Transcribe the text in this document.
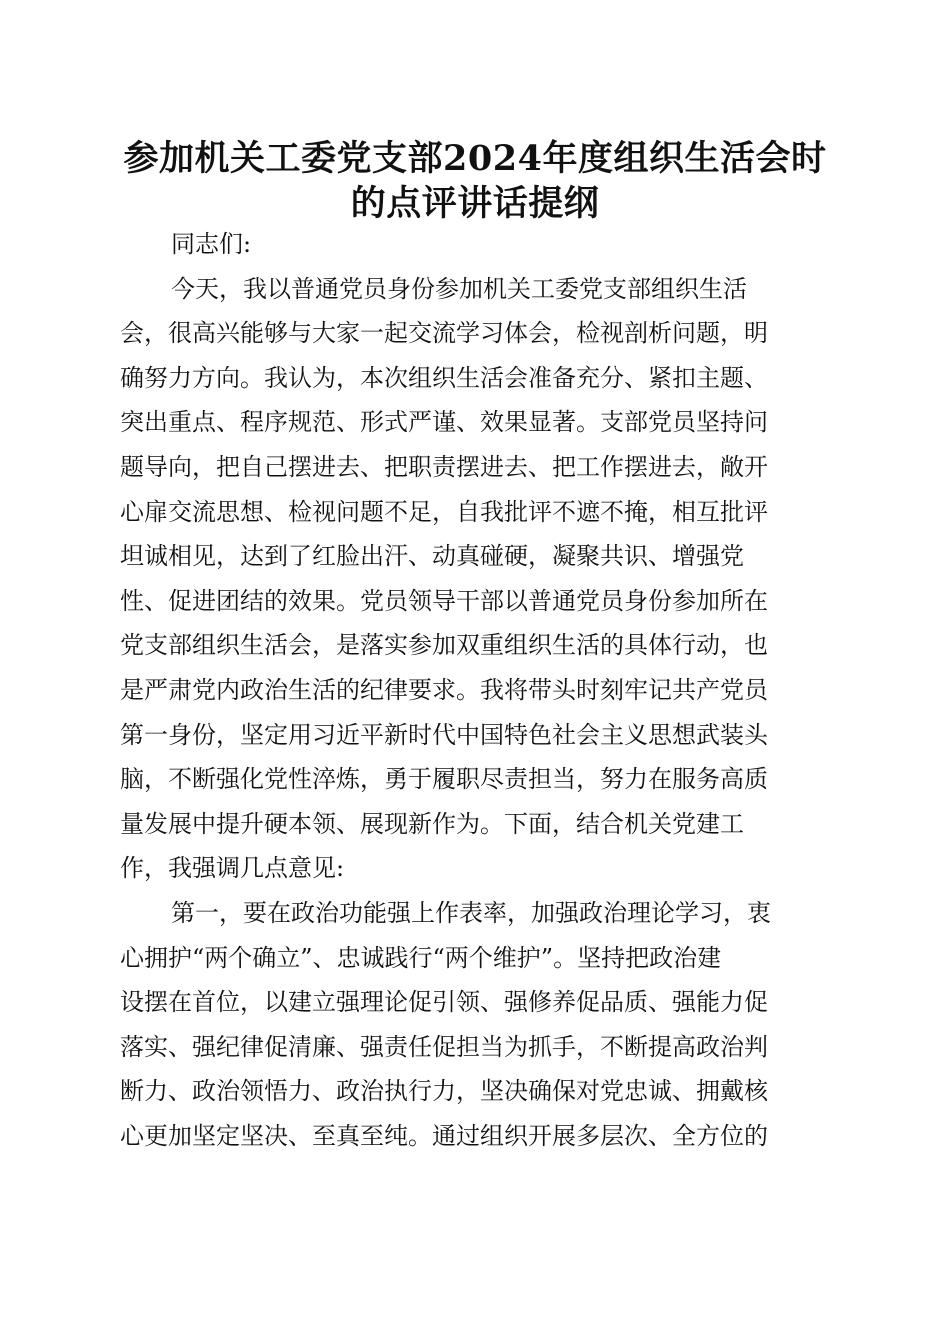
参加机关工委党支部2024年度组织生活会时
的点评讲话提纲
同志们:
今天，我以普通党员身份参加机关工委党支部组织生活
会，很高兴能够与大家一起交流学习体会，检视剖析问题，明
确努力方向。我认为，本次组织生活会准备充分、紧扣主题、
突出重点、程序规范、形式严谨、效果显著。支部党员坚持问
题导向，把自己摆进去、把职责摆进去、把工作摆进去，敞开
心扉交流思想、检视问题不足，自我批评不遮不掩，相互批评
坦诚相见，达到了红脸出汗、动真碰硬，凝聚共识、增强党
性、促进团结的效果。党员领导干部以普通党员身份参加所在
党支部组织生活会，是落实参加双重组织生活的具体行动，也
是严肃党内政治生活的纪律要求。我将带头时刻牢记共产党员
第一身份，坚定用习近平新时代中国特色社会主义思想武装头
脑，不断强化党性淬炼，勇于履职尽责担当，努力在服务高质
量发展中提升硬本领、展现新作为。下面，结合机关党建工
作，我强调几点意见:
第一，要在政治功能强上作表率，加强政治理论学习，衷
心拥护“两个确立”、忠诚践行“两个维护”。坚持把政治建
设摆在首位，以建立强理论促引领、强修养促品质、强能力促
落实、强纪律促清廉、强责任促担当为抓手，不断提高政治判
断力、政治领悟力、政治执行力，坚决确保对党忠诚、拥戴核
心更加坚定坚决、至真至纯。通过组织开展多层次、全方位的
